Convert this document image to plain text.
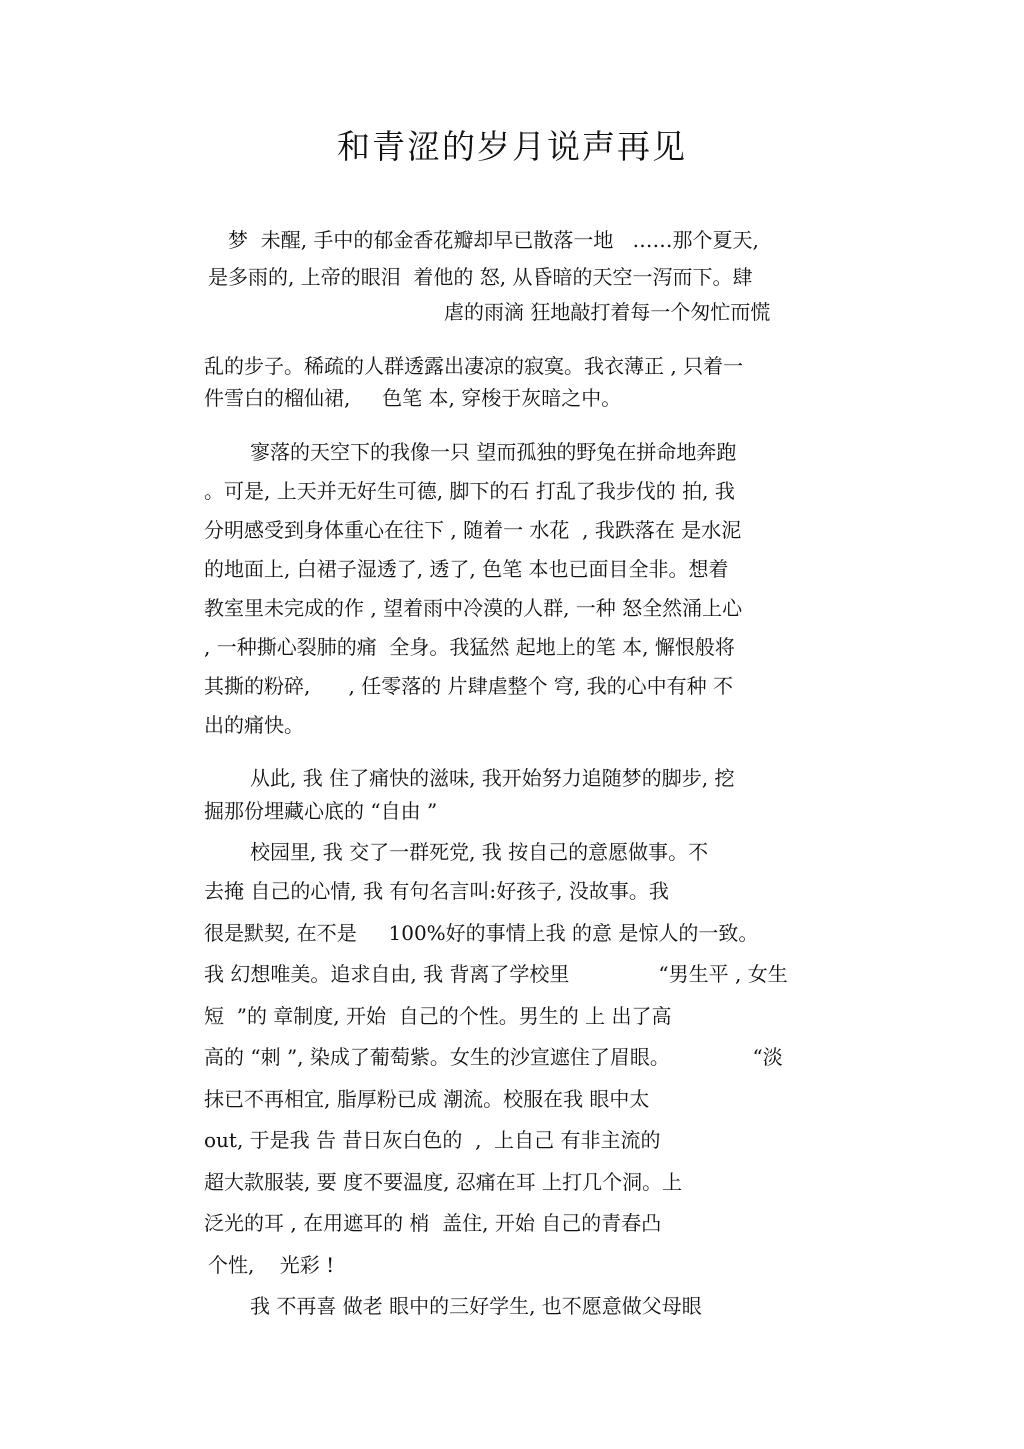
和青涩的岁月说声再见
梦  未醒, 手中的郁金香花瓣却早已散落一地   ……那个夏天,
是多雨的, 上帝的眼泪  着他的 怒, 从昏暗的天空一泻而下。肆
虐的雨滴 狂地敲打着每一个匆忙而慌
乱的步子。稀疏的人群透露出凄凉的寂寞。我衣薄正 , 只着一
件雪白的榴仙裙,     色笔 本, 穿梭于灰暗之中。
寥落的天空下的我像一只 望而孤独的野兔在拼命地奔跑
。可是, 上天并无好生可德, 脚下的石 打乱了我步伐的 拍, 我
分明感受到身体重心在往下 , 随着一 水花  , 我跌落在 是水泥
的地面上, 白裙子湿透了, 透了, 色笔 本也已面目全非。想着
教室里未完成的作 , 望着雨中冷漠的人群, 一种 怒全然涌上心
, 一种撕心裂肺的痛  全身。我猛然 起地上的笔 本, 懈恨般将
其撕的粉碎,      , 任零落的 片肆虐整个 穹, 我的心中有种 不
出的痛快。
从此, 我 住了痛快的滋味, 我开始努力追随梦的脚步, 挖
掘那份埋藏心底的 “自由 ”
校园里, 我 交了一群死党, 我 按自己的意愿做事。不
去掩 自己的心情, 我 有句名言叫:好孩子, 没故事。我
很是默契, 在不是     100%好的事情上我 的意 是惊人的一致。
我 幻想唯美。追求自由, 我 背离了学校里              “男生平 , 女生
短  ”的 章制度, 开始  自己的个性。男生的 上 出了高
高的 “刺 ”, 染成了葡萄紫。女生的沙宣遮住了眉眼。             “淡
抹已不再相宜, 脂厚粉已成 潮流。校服在我 眼中太
out, 于是我 告 昔日灰白色的  ,  上自己 有非主流的
超大款服装, 要 度不要温度, 忍痛在耳 上打几个洞。上
泛光的耳 , 在用遮耳的 梢  盖住, 开始 自己的青春凸
个性,    光彩 !
我 不再喜 做老 眼中的三好学生, 也不愿意做父母眼
